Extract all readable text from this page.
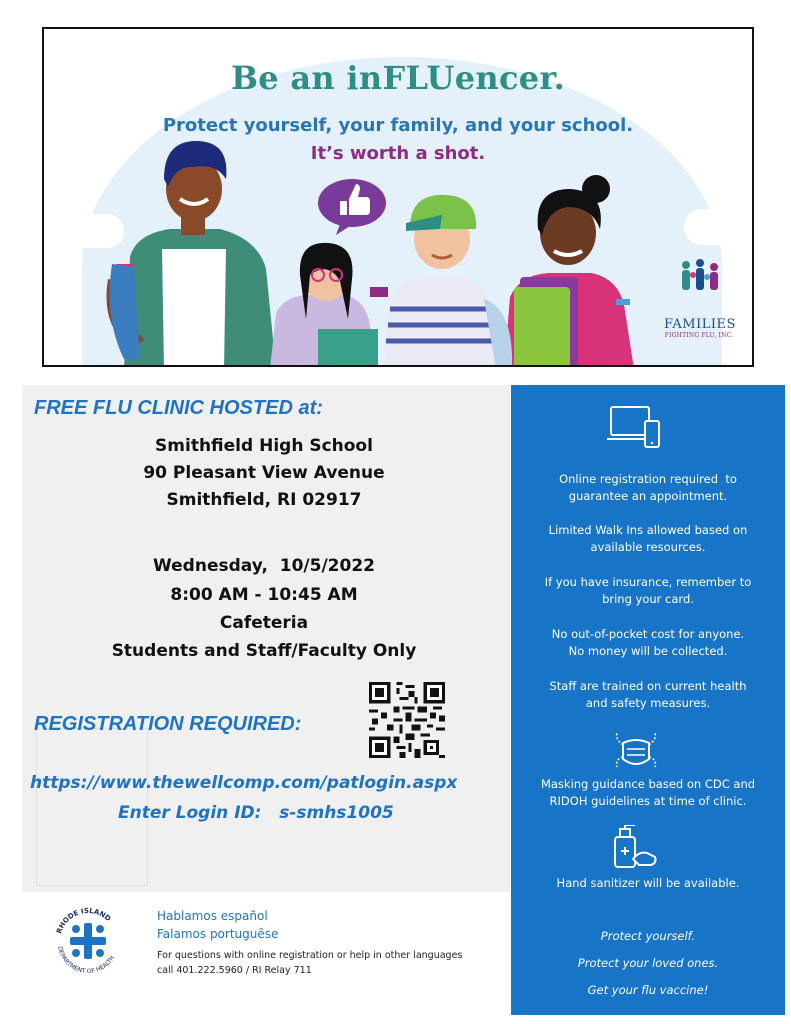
Be an inFLUencer.
Protect yourself, your family, and your school.
It’s worth a shot.
FAMILIES
FIGHTING FLU, INC.
FREE FLU CLINIC HOSTED at:
Smithfield High School
90 Pleasant View Avenue
Smithfield, RI 02917
Wednesday,  10/5/2022
8:00 AM - 10:45 AM
Cafeteria
Students and Staff/Faculty Only
REGISTRATION REQUIRED:
https://www.thewellcomp.com/patlogin.aspx
Enter Login ID:   s-smhs1005
RHODE ISLAND
DEPARTMENT OF HEALTH
RHODE ISLAND DEPARTMENT OF HEALTH
Hablamos español
Falamos portuguêse
For questions with online registration or help in other languages
call 401.222.5960 / RI Relay 711
Online registration required  to
guarantee an appointment.
Limited Walk Ins allowed based on
available resources.
If you have insurance, remember to
bring your card.
No out-of-pocket cost for anyone.
No money will be collected.
Staff are trained on current health
and safety measures.
Masking guidance based on CDC and
RIDOH guidelines at time of clinic.
Hand sanitizer will be available.
Protect yourself.
Protect your loved ones.
Get your flu vaccine!
